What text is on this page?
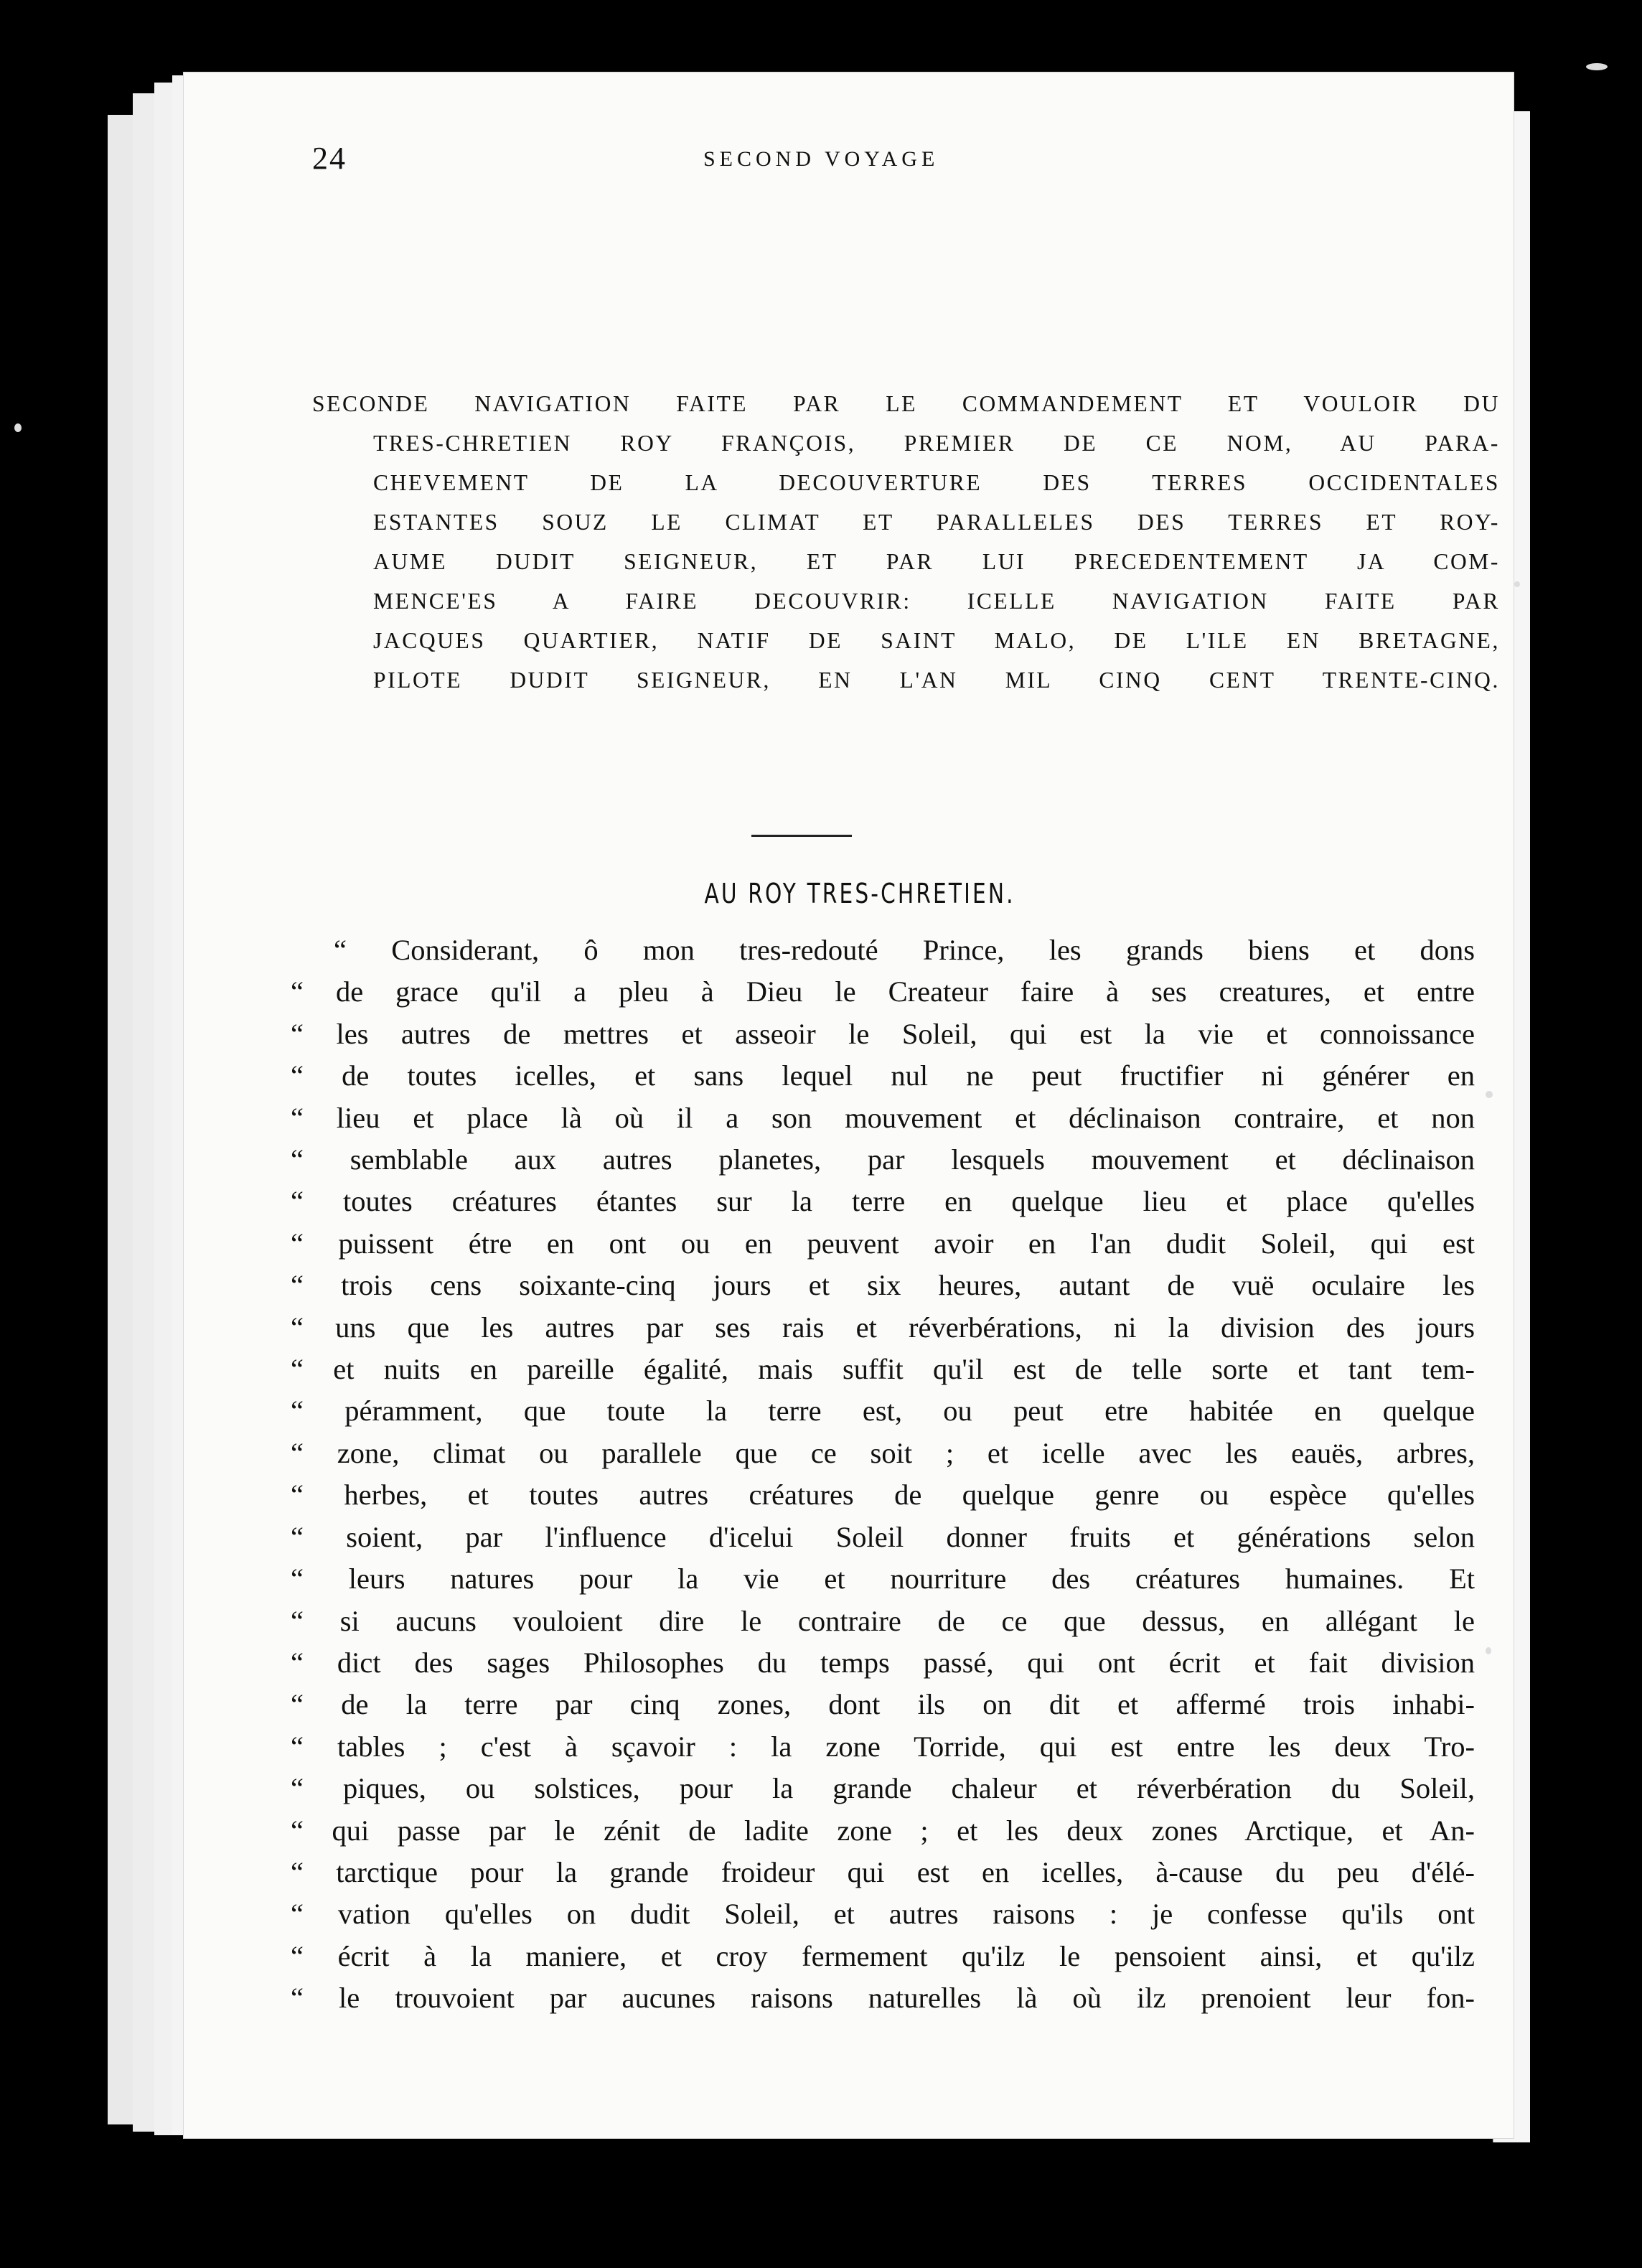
24	SECOND VOYAGE
SECONDE NAVIGATION FAITE PAR LE COMMANDEMENT ET VOULOIR DU
TRES-CHRETIEN ROY FRANÇOIS, PREMIER DE CE NOM, AU PARA-
CHEVEMENT DE LA DECOUVERTURE DES TERRES OCCIDENTALES
ESTANTES SOUZ LE CLIMAT ET PARALLELES DES TERRES ET ROY-
AUME DUDIT SEIGNEUR, ET PAR LUI PRECEDENTEMENT JA COM-
MENCE'ES A FAIRE DECOUVRIR: ICELLE NAVIGATION FAITE PAR
JACQUES QUARTIER, NATIF DE SAINT MALO, DE L'ILE EN BRETAGNE,
PILOTE DUDIT SEIGNEUR, EN L'AN MIL CINQ CENT TRENTE-CINQ.
AU ROY TRES-CHRETIEN.
“ Considerant, ô mon tres-redouté Prince, les grands biens et dons
“ de grace qu'il a pleu à Dieu le Createur faire à ses creatures, et entre
“ les autres de mettres et asseoir le Soleil, qui est la vie et connoissance
“ de toutes icelles, et sans lequel nul ne peut fructifier ni générer en
“ lieu et place là où il a son mouvement et déclinaison contraire, et non
“ semblable aux autres planetes, par lesquels mouvement et déclinaison
“ toutes créatures étantes sur la terre en quelque lieu et place qu'elles
“ puissent étre en ont ou en peuvent avoir en l'an dudit Soleil, qui est
“ trois cens soixante-cinq jours et six heures, autant de vuë oculaire les
“ uns que les autres par ses rais et réverbérations, ni la division des jours
“ et nuits en pareille égalité, mais suffit qu'il est de telle sorte et tant tem-
“ péramment, que toute la terre est, ou peut etre habitée en quelque
“ zone, climat ou parallele que ce soit ; et icelle avec les eauës, arbres,
“ herbes, et toutes autres créatures de quelque genre ou espèce qu'elles
“ soient, par l'influence d'icelui Soleil donner fruits et générations selon
“ leurs natures pour la vie et nourriture des créatures humaines. Et
“ si aucuns vouloient dire le contraire de ce que dessus, en allégant le
“ dict des sages Philosophes du temps passé, qui ont écrit et fait division
“ de la terre par cinq zones, dont ils on dit et affermé trois inhabi-
“ tables ; c'est à sçavoir : la zone Torride, qui est entre les deux Tro-
“ piques, ou solstices, pour la grande chaleur et réverbération du Soleil,
“ qui passe par le zénit de ladite zone ; et les deux zones Arctique, et An-
“ tarctique pour la grande froideur qui est en icelles, à-cause du peu d'élé-
“ vation qu'elles on dudit Soleil, et autres raisons : je confesse qu'ils ont
“ écrit à la maniere, et croy fermement qu'ilz le pensoient ainsi, et qu'ilz
“ le trouvoient par aucunes raisons naturelles là où ilz prenoient leur fon-
